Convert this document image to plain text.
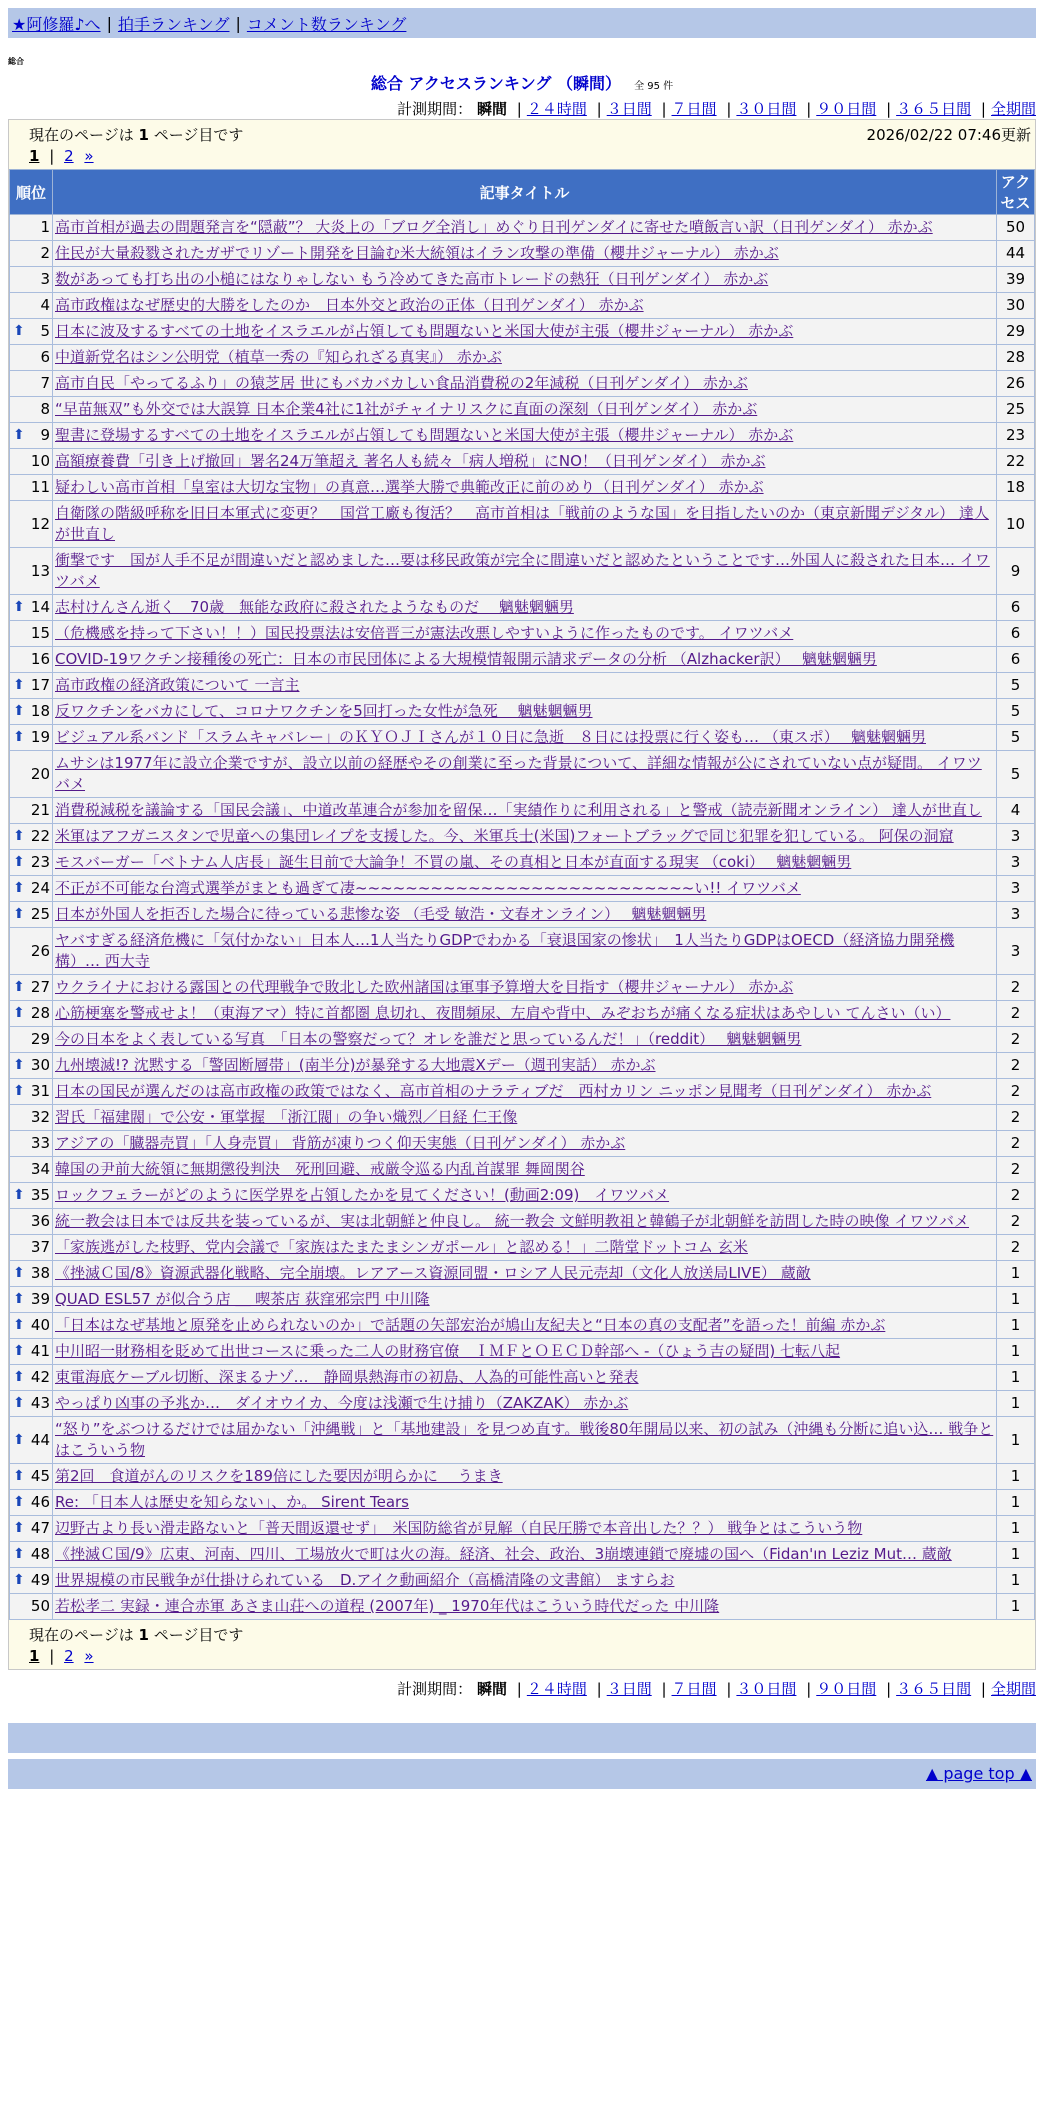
★阿修羅♪へ | 拍手ランキング | コメント数ランキング
総合
総合 アクセスランキング （瞬間） 全 95 件
計測期間： 瞬間 | ２４時間 | ３日間 | ７日間 | ３０日間 | ９０日間 | ３６５日間 | 全期間
現在のページは 1 ページ目です	2026/02/22 07:46更新
1 | 2 »
順位	記事タイトル	アクセス
1	高市首相が過去の問題発言を“隠蔽”？ 大炎上の「ブログ全消し」めぐり日刊ゲンダイに寄せた噴飯言い訳（日刊ゲンダイ） 赤かぶ	50
2	住民が大量殺戮されたガザでリゾート開発を目論む米大統領はイラン攻撃の準備（櫻井ジャーナル） 赤かぶ	44
3	数があっても打ち出の小槌にはなりゃしない もう冷めてきた高市トレードの熱狂（日刊ゲンダイ） 赤かぶ	39
4	高市政権はなぜ歴史的大勝をしたのか　日本外交と政治の正体（日刊ゲンダイ） 赤かぶ	30

⬆ 5	日本に波及するすべての土地をイスラエルが占領しても問題ないと米国大使が主張（櫻井ジャーナル） 赤かぶ	29
6	中道新党名はシン公明党（植草一秀の『知られざる真実』） 赤かぶ	28
7	高市自民「やってるふり」の猿芝居 世にもバカバカしい食品消費税の2年減税（日刊ゲンダイ） 赤かぶ	26
8	“早苗無双”も外交では大誤算 日本企業4社に1社がチャイナリスクに直面の深刻（日刊ゲンダイ） 赤かぶ	25

⬆ 9	聖書に登場するすべての土地をイスラエルが占領しても問題ないと米国大使が主張（櫻井ジャーナル） 赤かぶ	23
10	高額療養費「引き上げ撤回」署名24万筆超え 著名人も続々「病人増税」にNO！（日刊ゲンダイ） 赤かぶ	22
11	疑わしい高市首相「皇室は大切な宝物」の真意…選挙大勝で典範改正に前のめり（日刊ゲンダイ） 赤かぶ	18
12	自衛隊の階級呼称を旧日本軍式に変更？　国営工廠も復活？　高市首相は「戦前のような国」を目指したいのか（東京新聞デジタル） 達人が世直し	10
13	衝撃です　国が人手不足が間違いだと認めました…要は移民政策が完全に間違いだと認めたということです…外国人に殺された日本… イワツバメ	9

⬆ 14	志村けんさん逝く　70歳　無能な政府に殺されたようなものだ　 魑魅魍魎男	6
15	（危機感を持って下さい！！）国民投票法は安倍晋三が憲法改悪しやすいように作ったものです。 イワツバメ	6
16	COVID-19ワクチン接種後の死亡：日本の市民団体による大規模情報開示請求データの分析 （Alzhacker訳）　 魑魅魍魎男	6

⬆ 17	高市政権の経済政策について 一言主	5

⬆ 18	反ワクチンをバカにして、コロナワクチンを5回打った女性が急死　 魑魅魍魎男	5

⬆ 19	ビジュアル系バンド「スラムキャバレー」のＫＹＯＪＩさんが１０日に急逝　８日には投票に行く姿も… （東スポ）　 魑魅魍魎男	5
20	ムサシは1977年に設立企業ですが、設立以前の経歴やその創業に至った背景について、詳細な情報が公にされていない点が疑問。 イワツバメ	5
21	消費税減税を議論する「国民会議」、中道改革連合が参加を留保…「実績作りに利用される」と警戒（読売新聞オンライン） 達人が世直し	4

⬆ 22	米軍はアフガニスタンで児童への集団レイプを支援した。今、米軍兵士(米国)フォートブラッグで同じ犯罪を犯している。 阿保の洞窟	3

⬆ 23	モスバーガー「ベトナム人店長」誕生目前で大論争！不買の嵐、その真相と日本が直面する現実 （coki）　 魑魅魍魎男	3

⬆ 24	不正が不可能な台湾式選挙がまとも過ぎて凄~~~~~~~~~~~~~~~~~~~~~~~~~~~い!! イワツバメ	3

⬆ 25	日本が外国人を拒否した場合に待っている悲惨な姿 （毛受 敏浩・文春オンライン）　 魑魅魍魎男	3
26	ヤバすぎる経済危機に「気付かない」日本人…1人当たりGDPでわかる「衰退国家の惨状」　1人当たりGDPはOECD（経済協力開発機構）… 西大寺	3

⬆ 27	ウクライナにおける露国との代理戦争で敗北した欧州諸国は軍事予算増大を目指す（櫻井ジャーナル） 赤かぶ	2

⬆ 28	心筋梗塞を警戒せよ！（東海アマ）特に首都圏 息切れ、夜間頻尿、左肩や背中、みぞおちが痛くなる症状はあやしい てんさい（い）	2
29	今の日本をよく表している写真　「日本の警察だって？オレを誰だと思っているんだ！」（reddit）　 魑魅魍魎男	2

⬆ 30	九州壊滅!? 沈黙する「警固断層帯」(南半分)が暴発する大地震Xデー（週刊実話） 赤かぶ	2

⬆ 31	日本の国民が選んだのは高市政権の政策ではなく、高市首相のナラティブだ　西村カリン ニッポン見聞考（日刊ゲンダイ） 赤かぶ	2
32	習氏「福建閥」で公安・軍掌握　「浙江閥」の争い熾烈／日経 仁王像	2
33	アジアの「臓器売買」「人身売買」 背筋が凍りつく仰天実態（日刊ゲンダイ） 赤かぶ	2
34	韓国の尹前大統領に無期懲役判決　死刑回避、戒厳令巡る内乱首謀罪 舞岡関谷	2

⬆ 35	ロックフェラーがどのように医学界を占領したかを見てください！(動画2:09)　イワツバメ	2
36	統一教会は日本では反共を装っているが、実は北朝鮮と仲良し。 統一教会 文鮮明教祖と韓鶴子が北朝鮮を訪問した時の映像 イワツバメ	2
37	「家族逃がした枝野、党内会議で「家族はたまたまシンガポール」と認める！」二階堂ドットコム 玄米	2

⬆ 38	《挫滅Ｃ国/8》資源武器化戦略、完全崩壊。レアアース資源同盟・ロシア人民元売却（文化人放送局LIVE） 蔵敵	1

⬆ 39	QUAD ESL57 が似合う店 ＿ 喫茶店 荻窪邪宗門 中川隆	1

⬆ 40	「日本はなぜ基地と原発を止められないのか」で話題の矢部宏治が鳩山友紀夫と“日本の真の支配者”を語った！前編 赤かぶ	1

⬆ 41	中川昭一財務相を貶めて出世コースに乗った二人の財務官僚　ＩＭＦとＯＥＣＤ幹部へ -（ひょう吉の疑問) 七転八起	1

⬆ 42	東電海底ケーブル切断、深まるナゾ…　静岡県熱海市の初島、人為的可能性高いと発表	1

⬆ 43	やっぱり凶事の予兆か…　ダイオウイカ、今度は浅瀬で生け捕り（ZAKZAK） 赤かぶ	1

⬆ 44	“怒り”をぶつけるだけでは届かない「沖縄戦」と「基地建設」を見つめ直す。戦後80年開局以来、初の試み（沖縄も分断に追い込… 戦争とはこういう物	1

⬆ 45	第2回　食道がんのリスクを189倍にした要因が明らかに　 うまき	1

⬆ 46	Re: 「日本人は歴史を知らない」、か。 Sirent Tears	1

⬆ 47	辺野古より長い滑走路ないと「普天間返還せず」　米国防総省が見解（自民圧勝で本音出した？？） 戦争とはこういう物	1

⬆ 48	《挫滅Ｃ国/9》広東、河南、四川、工場放火で町は火の海。経済、社会、政治、3崩壊連鎖で廃墟の国へ（Fidan'ın Leziz Mut… 蔵敵	1

⬆ 49	世界規模の市民戦争が仕掛けられている　D.アイク動画紹介（高橋清隆の文書館） ますらお	1
50	若松孝二 実録・連合赤軍 あさま山荘への道程 (2007年) _ 1970年代はこういう時代だった 中川隆	1
現在のページは 1 ページ目です
1 | 2 »
計測期間： 瞬間 | ２４時間 | ３日間 | ７日間 | ３０日間 | ９０日間 | ３６５日間 | 全期間
▲ page top ▲
